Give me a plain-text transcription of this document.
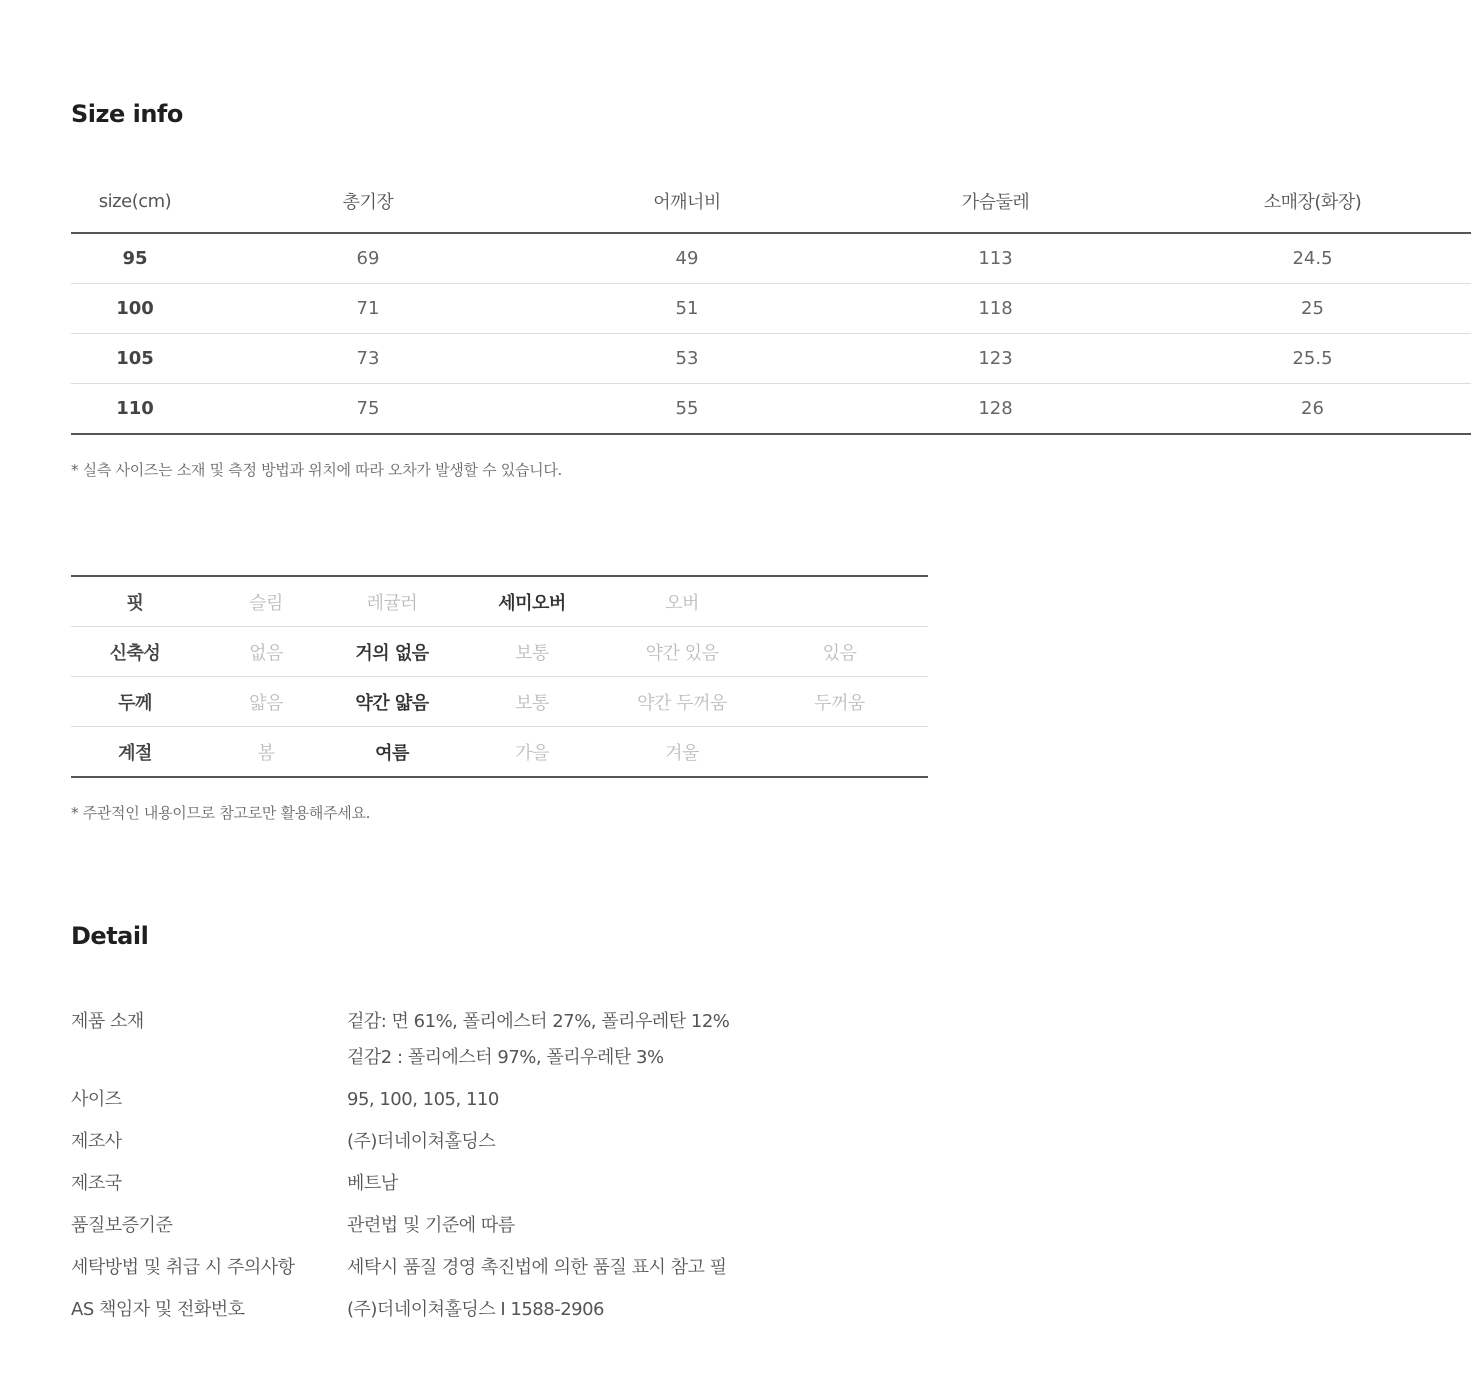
Size info
size(cm)	총기장	어깨너비	가슴둘레	소매장(화장)
95	69	49	113	24.5
100	71	51	118	25
105	73	53	123	25.5
110	75	55	128	26

* 실측 사이즈는 소재 및 측정 방법과 위치에 따라 오차가 발생할 수 있습니다.

핏	슬림	레귤러	세미오버	오버	
신축성	없음	거의 없음	보통	약간 있음	있음
두께	얇음	약간 얇음	보통	약간 두꺼움	두꺼움
계절	봄	여름	가을	겨울	

* 주관적인 내용이므로 참고로만 활용해주세요.

Detail
제품 소재	겉감: 면 61%, 폴리에스터 27%, 폴리우레탄 12%
겉감2 : 폴리에스터 97%, 폴리우레탄 3%
사이즈	95, 100, 105, 110
제조사	(주)더네이쳐홀딩스
제조국	베트남
품질보증기준	관련법 및 기준에 따름
세탁방법 및 취급 시 주의사항	세탁시 품질 경영 촉진법에 의한 품질 표시 참고 필
AS 책임자 및 전화번호	(주)더네이쳐홀딩스 I 1588-2906
